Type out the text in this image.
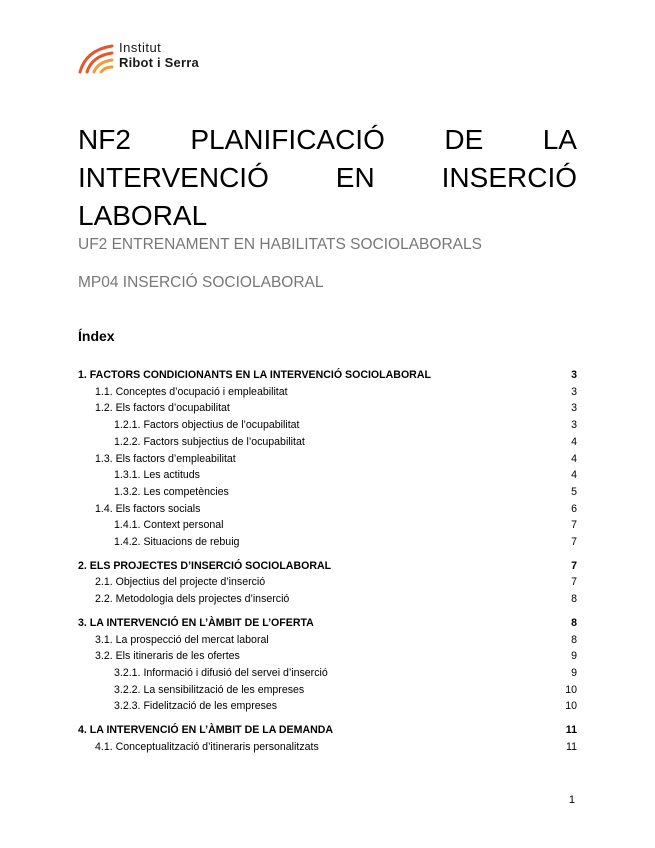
Institut
Ribot i Serra
NF2 PLANIFICACIÓ DE LA
INTERVENCIÓ EN INSERCIÓ
LABORAL

UF2 ENTRENAMENT EN HABILITATS SOCIOLABORALS

MP04 INSERCIÓ SOCIOLABORAL

Índex
1. FACTORS CONDICIONANTS EN LA INTERVENCIÓ SOCIOLABORAL	3
1.1. Conceptes d’ocupació i empleabilitat	3
1.2. Els factors d’ocupabilitat	3
1.2.1. Factors objectius de l’ocupabilitat	3
1.2.2. Factors subjectius de l’ocupabilitat	4
1.3. Els factors d’empleabilitat	4
1.3.1. Les actituds	4
1.3.2. Les competències	5
1.4. Els factors socials	6
1.4.1. Context personal	7
1.4.2. Situacions de rebuig	7
2. ELS PROJECTES D’INSERCIÓ SOCIOLABORAL	7
2.1. Objectius del projecte d’inserció	7
2.2. Metodologia dels projectes d’inserció	8
3. LA INTERVENCIÓ EN L’ÀMBIT DE L’OFERTA	8
3.1. La prospecció del mercat laboral	8
3.2. Els itineraris de les ofertes	9
3.2.1. Informació i difusió del servei d’inserció	9
3.2.2. La sensibilització de les empreses	10
3.2.3. Fidelització de les empreses	10
4. LA INTERVENCIÓ EN L’ÀMBIT DE LA DEMANDA	11
4.1. Conceptualització d’itineraris personalitzats	11
1
